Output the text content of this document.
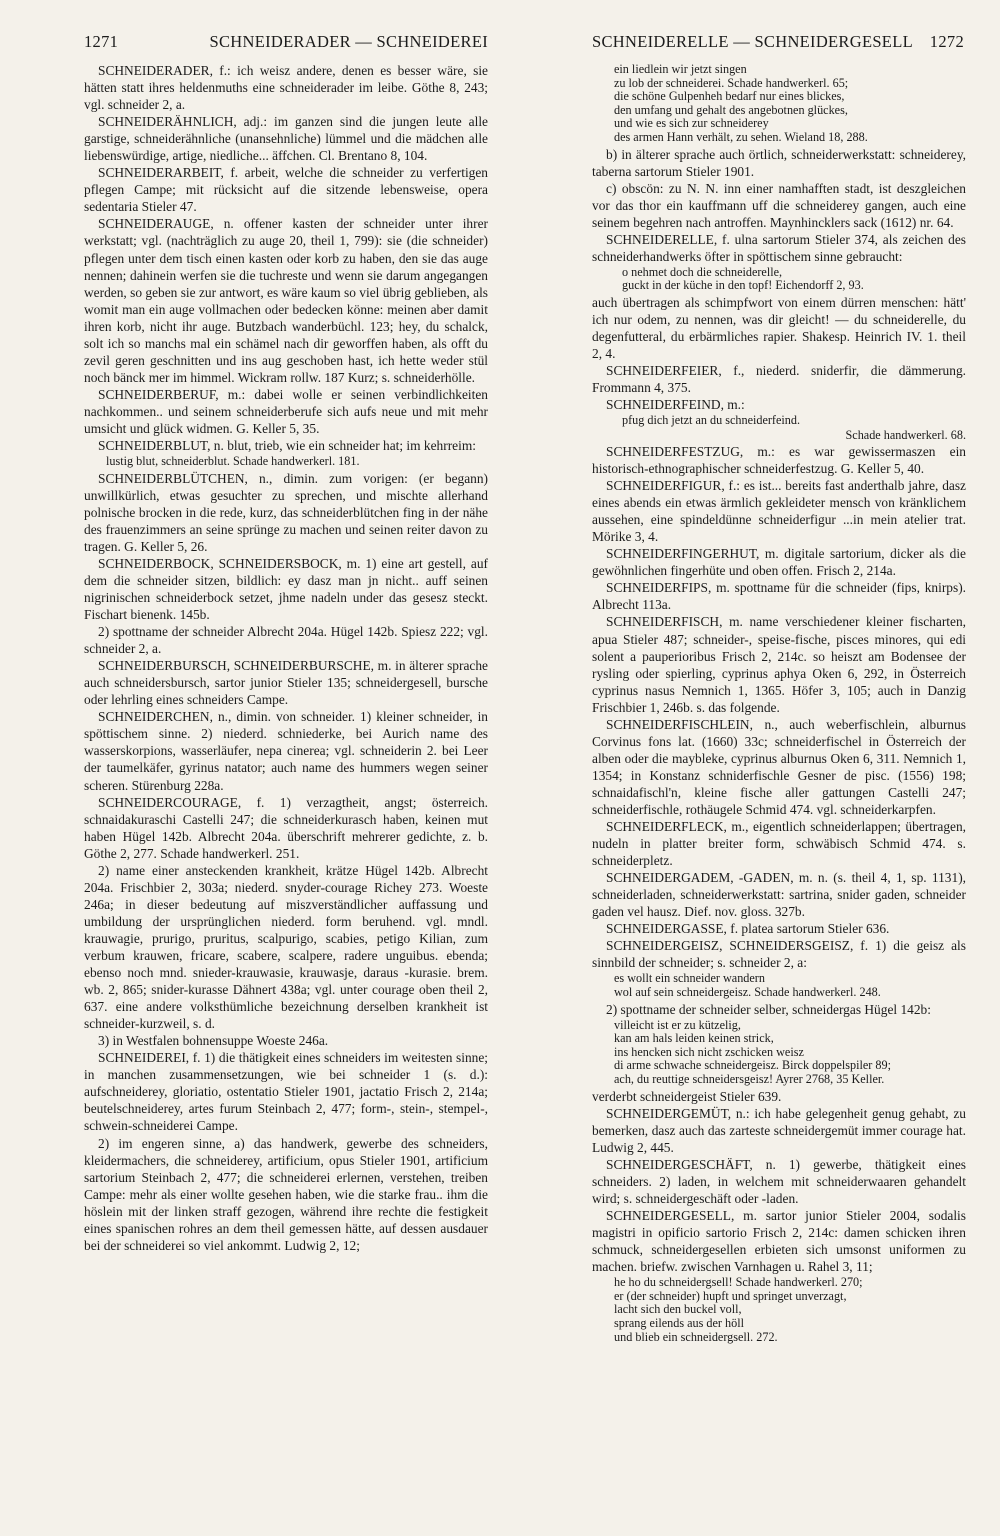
1271	SCHNEIDERADER — SCHNEIDEREI	SCHNEIDERELLE — SCHNEIDERGESELL 1272

SCHNEIDERADER, f.: ich weisz andere, denen es besser wäre, sie hätten statt ihres heldenmuths eine schneiderader im leibe. Göthe 8, 243; vgl. schneider 2, a.

SCHNEIDERÄHNLICH, adj.: im ganzen sind die jungen leute alle garstige, schneiderähnliche (unansehnliche) lümmel und die mädchen alle liebenswürdige, artige, niedliche... äffchen. Cl. Brentano 8, 104.

SCHNEIDERARBEIT, f. arbeit, welche die schneider zu verfertigen pflegen Campe; mit rücksicht auf die sitzende lebensweise, opera sedentaria Stieler 47.

SCHNEIDERAUGE, n. offener kasten der schneider unter ihrer werkstatt; vgl. (nachträglich zu auge 20, theil 1, 799): sie (die schneider) pflegen unter dem tisch einen kasten oder korb zu haben, den sie das auge nennen; dahinein werfen sie die tuchreste und wenn sie darum angegangen werden, so geben sie zur antwort, es wäre kaum so viel übrig geblieben, als womit man ein auge vollmachen oder bedecken könne: meinen aber damit ihren korb, nicht ihr auge. Butzbach wanderbüchl. 123; hey, du schalck, solt ich so manchs mal ein schämel nach dir geworffen haben, als offt du zevil geren geschnitten und ins aug geschoben hast, ich hette weder stül noch bänck mer im himmel. Wickram rollw. 187 Kurz; s. schneiderhölle.

SCHNEIDERBERUF, m.: dabei wolle er seinen verbindlichkeiten nachkommen.. und seinem schneiderberufe sich aufs neue und mit mehr umsicht und glück widmen. G. Keller 5, 35.

SCHNEIDERBLUT, n. blut, trieb, wie ein schneider hat; im kehrreim:

lustig blut, schneiderblut. Schade handwerkerl. 181.

SCHNEIDERBLÜTCHEN, n., dimin. zum vorigen: (er begann) unwillkürlich, etwas gesuchter zu sprechen, und mischte allerhand polnische brocken in die rede, kurz, das schneiderblütchen fing in der nähe des frauenzimmers an seine sprünge zu machen und seinen reiter davon zu tragen. G. Keller 5, 26.

SCHNEIDERBOCK, SCHNEIDERSBOCK, m. 1) eine art gestell, auf dem die schneider sitzen, bildlich: ey dasz man jn nicht.. auff seinen nigrinischen schneiderbock setzet, jhme nadeln under das gesesz steckt. Fischart bienenk. 145b.

2) spottname der schneider Albrecht 204a. Hügel 142b. Spiesz 222; vgl. schneider 2, a.

SCHNEIDERBURSCH, SCHNEIDERBURSCHE, m. in älterer sprache auch schneidersbursch, sartor junior Stieler 135; schneidergesell, bursche oder lehrling eines schneiders Campe.

SCHNEIDERCHEN, n., dimin. von schneider. 1) kleiner schneider, in spöttischem sinne. 2) niederd. schniederke, bei Aurich name des wasserskorpions, wasserläufer, nepa cinerea; vgl. schneiderin 2. bei Leer der taumelkäfer, gyrinus natator; auch name des hummers wegen seiner scheren. Stürenburg 228a.

SCHNEIDERCOURAGE, f. 1) verzagtheit, angst; österreich. schnaidakuraschi Castelli 247; die schneiderkurasch haben, keinen mut haben Hügel 142b. Albrecht 204a. überschrift mehrerer gedichte, z. b. Göthe 2, 277. Schade handwerkerl. 251.

2) name einer ansteckenden krankheit, krätze Hügel 142b. Albrecht 204a. Frischbier 2, 303a; niederd. snyder-courage Richey 273. Woeste 246a; in dieser bedeutung auf miszverständlicher auffassung und umbildung der ursprünglichen niederd. form beruhend. vgl. mndl. krauwagie, prurigo, pruritus, scalpurigo, scabies, petigo Kilian, zum verbum krauwen, fricare, scabere, scalpere, radere unguibus. ebenda; ebenso noch mnd. snieder-krauwasie, krauwasje, daraus -kurasie. brem. wb. 2, 865; snider-kurasse Dähnert 438a; vgl. unter courage oben theil 2, 637. eine andere volksthümliche bezeichnung derselben krankheit ist schneider-kurzweil, s. d.

3) in Westfalen bohnensuppe Woeste 246a.

SCHNEIDEREI, f. 1) die thätigkeit eines schneiders im weitesten sinne; in manchen zusammensetzungen, wie bei schneider 1 (s. d.): aufschneiderey, gloriatio, ostentatio Stieler 1901, jactatio Frisch 2, 214a; beutelschneiderey, artes furum Steinbach 2, 477; form-, stein-, stempel-, schwein-schneiderei Campe.

2) im engeren sinne, a) das handwerk, gewerbe des schneiders, kleidermachers, die schneiderey, artificium, opus Stieler 1901, artificium sartorium Steinbach 2, 477; die schneiderei erlernen, verstehen, treiben Campe: mehr als einer wollte gesehen haben, wie die starke frau.. ihm die höslein mit der linken straff gezogen, während ihre rechte die festigkeit eines spanischen rohres an dem theil gemessen hätte, auf dessen ausdauer bei der schneiderei so viel ankommt. Ludwig 2, 12;

ein liedlein wir jetzt singen
zu lob der schneiderei. Schade handwerkerl. 65;
die schöne Gulpenheh bedarf nur eines blickes,
den umfang und gehalt des angebotnen glückes,
und wie es sich zur schneiderey
des armen Hann verhält, zu sehen. Wieland 18, 288.

b) in älterer sprache auch örtlich, schneiderwerkstatt: schneiderey, taberna sartorum Stieler 1901.

c) obscön: zu N. N. inn einer namhafften stadt, ist deszgleichen vor das thor ein kauffmann uff die schneiderey gangen, auch eine seinem begehren nach antroffen. Maynhincklers sack (1612) nr. 64.

SCHNEIDERELLE, f. ulna sartorum Stieler 374, als zeichen des schneiderhandwerks öfter in spöttischem sinne gebraucht:

o nehmet doch die schneiderelle,
guckt in der küche in den topf! Eichendorff 2, 93.

auch übertragen als schimpfwort von einem dürren menschen: hätt' ich nur odem, zu nennen, was dir gleicht! — du schneiderelle, du degenfutteral, du erbärmliches rapier. Shakesp. Heinrich IV. 1. theil 2, 4.

SCHNEIDERFEIER, f., niederd. sniderfir, die dämmerung. Frommann 4, 375.

SCHNEIDERFEIND, m.:

pfug dich jetzt an du schneiderfeind.
Schade handwerkerl. 68.

SCHNEIDERFESTZUG, m.: es war gewissermaszen ein historisch-ethnographischer schneiderfestzug. G. Keller 5, 40.

SCHNEIDERFIGUR, f.: es ist... bereits fast anderthalb jahre, dasz eines abends ein etwas ärmlich gekleideter mensch von kränklichem aussehen, eine spindeldünne schneiderfigur ...in mein atelier trat. Mörike 3, 4.

SCHNEIDERFINGERHUT, m. digitale sartorium, dicker als die gewöhnlichen fingerhüte und oben offen. Frisch 2, 214a.

SCHNEIDERFIPS, m. spottname für die schneider (fips, knirps). Albrecht 113a.

SCHNEIDERFISCH, m. name verschiedener kleiner fischarten, apua Stieler 487; schneider-, speise-fische, pisces minores, qui edi solent a pauperioribus Frisch 2, 214c. so heiszt am Bodensee der rysling oder spierling, cyprinus aphya Oken 6, 292, in Österreich cyprinus nasus Nemnich 1, 1365. Höfer 3, 105; auch in Danzig Frischbier 1, 246b. s. das folgende.

SCHNEIDERFISCHLEIN, n., auch weberfischlein, alburnus Corvinus fons lat. (1660) 33c; schneiderfischel in Österreich der alben oder die mayblеke, cyprinus alburnus Oken 6, 311. Nemnich 1, 1354; in Konstanz schniderfischle Gesner de pisc. (1556) 198; schnaidafischl'n, kleine fische aller gattungen Castelli 247; schneiderfischle, rothäugele Schmid 474. vgl. schneiderkarpfen.

SCHNEIDERFLECK, m., eigentlich schneiderlappen; übertragen, nudeln in platter breiter form, schwäbisch Schmid 474. s. schneiderpletz.

SCHNEIDERGADEM, -GADEN, m. n. (s. theil 4, 1, sp. 1131), schneiderladen, schneiderwerkstatt: sartrina, snider gaden, schneider gaden vel hausz. Dief. nov. gloss. 327b.

SCHNEIDERGASSE, f. platea sartorum Stieler 636.

SCHNEIDERGEISZ, SCHNEIDERSGEISZ, f. 1) die geisz als sinnbild der schneider; s. schneider 2, a:

es wollt ein schneider wandern
wol auf sein schneidergeisz. Schade handwerkerl. 248.

2) spottname der schneider selber, schneidergas Hügel 142b:

villeicht ist er zu kützelig,
kan am hals leiden keinen strick,
ins hencken sich nicht zschicken weisz
di arme schwache schneidergeisz. Birck doppelspiler 89;
ach, du reuttige schneidersgeisz! Ayrer 2768, 35 Keller.

verderbt schneidergeist Stieler 639.

SCHNEIDERGEMÜT, n.: ich habe gelegenheit genug gehabt, zu bemerken, dasz auch das zarteste schneidergemüt immer courage hat. Ludwig 2, 445.

SCHNEIDERGESCHÄFT, n. 1) gewerbe, thätigkeit eines schneiders. 2) laden, in welchem mit schneiderwaaren gehandelt wird; s. schneidergeschäft oder -laden.

SCHNEIDERGESELL, m. sartor junior Stieler 2004, sodalis magistri in opificio sartorio Frisch 2, 214c: damen schicken ihren schmuck, schneidergesellen erbieten sich umsonst uniformen zu machen. briefw. zwischen Varnhagen u. Rahel 3, 11;

he ho du schneidergsell! Schade handwerkerl. 270;
er (der schneider) hupft und springet unverzagt,
lacht sich den buckel voll,
sprang eilends aus der höll
und blieb ein schneidergsell. 272.
